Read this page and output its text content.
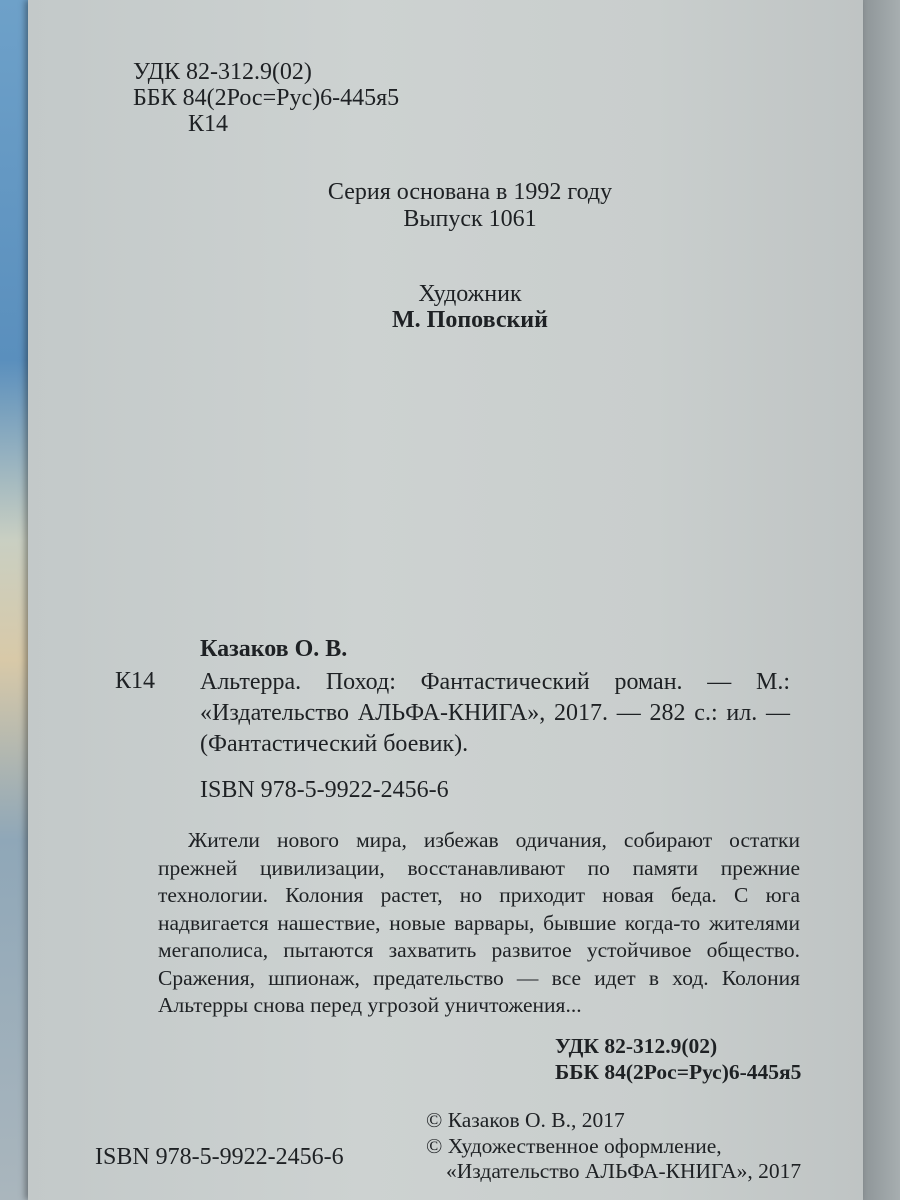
УДК 82-312.9(02)
ББК 84(2Рос=Рус)6-445я5
К14
Серия основана в 1992 году
Выпуск 1061
Художник
М. Поповский
Казаков О. В.
К14 Альтерра. Поход: Фантастический роман. — М.: «Издательство АЛЬФА-КНИГА», 2017. — 282 с.: ил. — (Фантастический боевик).
ISBN 978-5-9922-2456-6
Жители нового мира, избежав одичания, собирают остатки прежней цивилизации, восстанавливают по памяти прежние технологии. Колония растет, но приходит новая беда. С юга надвигается нашествие, новые варвары, бывшие когда-то жителями мегаполиса, пытаются захватить развитое устойчивое общество. Сражения, шпионаж, предательство — все идет в ход. Колония Альтерры снова перед угрозой уничтожения...
УДК 82-312.9(02)
ББК 84(2Рос=Рус)6-445я5
© Казаков О. В., 2017
© Художественное оформление,
«Издательство АЛЬФА-КНИГА», 2017
ISBN 978-5-9922-2456-6
